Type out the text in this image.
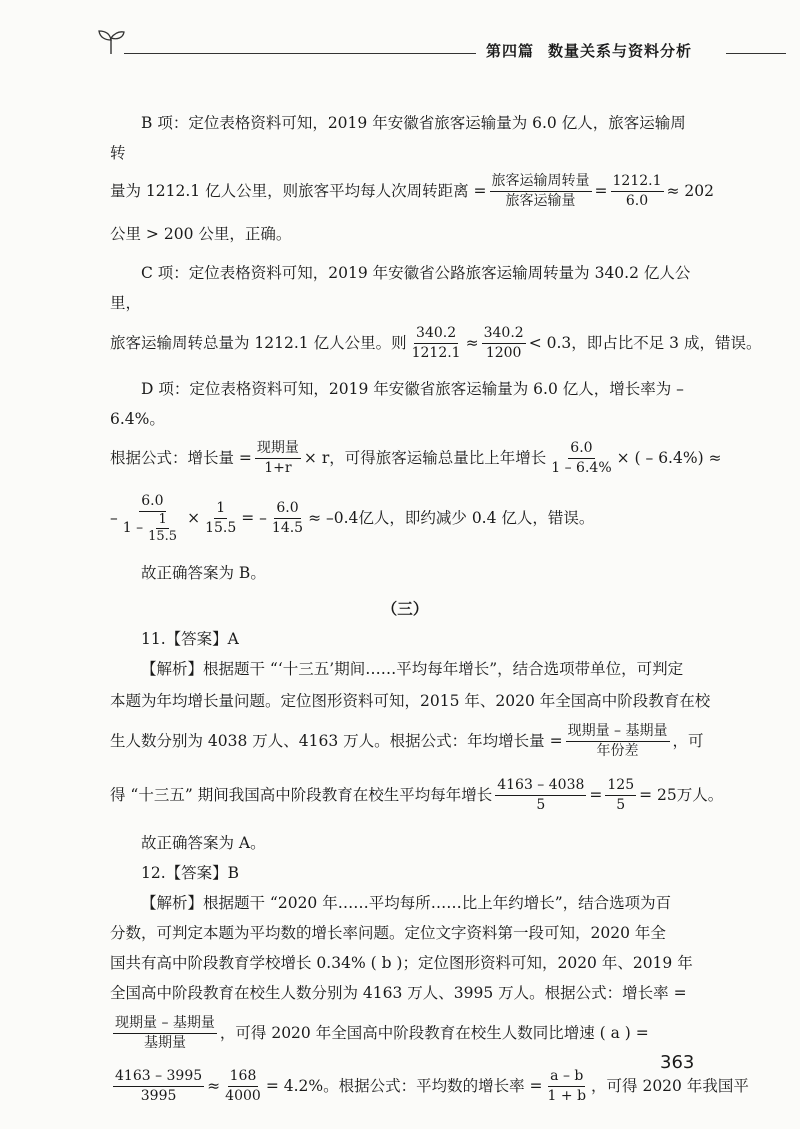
第四篇 数量关系与资料分析

B 项：定位表格资料可知，2019 年安徽省旅客运输量为 6.0 亿人，旅客运输周转

量为 1212.1 亿人公里，则旅客平均每人次周转距离 = $\frac{\text{旅客运输周转量}}{\text{旅客运输量}} = \frac{1212.1}{6.0} \approx 202$

公里 > 200 公里，正确。

C 项：定位表格资料可知，2019 年安徽省公路旅客运输周转量为 340.2 亿人公里，

旅客运输周转总量为 1212.1 亿人公里。则 $\frac{340.2}{1212.1} \approx \frac{340.2}{1200} < 0.3$，即占比不足 3 成，错误。

D 项：定位表格资料可知，2019 年安徽省旅客运输量为 6.0 亿人，增长率为 –6.4%。

根据公式：增长量 = $\frac{\text{现期量}}{1+r} \times r$，可得旅客运输总量比上年增长 $\frac{6.0}{1 - 6.4\%}$ × ( – 6.4%) ≈
– $\frac{6.0}{1 - \frac{1}{15.5}} \times \frac{1}{15.5}$ = – $\frac{6.0}{14.5} \approx -0.4$亿人，即约减少 0.4 亿人，错误。

故正确答案为 B。

（三）

11.【答案】A

【解析】根据题干 “‘十三五’期间……平均每年增长”，结合选项带单位，可判定

本题为年均增长量问题。定位图形资料可知，2015 年、2020 年全国高中阶段教育在校

生人数分别为 4038 万人、4163 万人。根据公式：年均增长量 = $\frac{\text{现期量 – 基期量}}{\text{年份差}}$ ，可
得 “十三五” 期间我国高中阶段教育在校生平均每年增长 $\frac{4163 - 4038}{5} = \frac{125}{5} = 25$万人。

故正确答案为 A。

12.【答案】B

【解析】根据题干 “2020 年……平均每所……比上年约增长”，结合选项为百

分数，可判定本题为平均数的增长率问题。定位文字资料第一段可知，2020 年全

国共有高中阶段教育学校增长 0.34% ( b )；定位图形资料可知，2020 年、2019 年

全国高中阶段教育在校生人数分别为 4163 万人、3995 万人。根据公式：增长率 =

$\frac{\text{现期量 – 基期量}}{\text{基期量}}$ ，可得 2020 年全国高中阶段教育在校生人数同比增速 ( a ) =
$\frac{4163 - 3995}{3995} \approx \frac{168}{4000} = 4.2\%$。根据公式：平均数的增长率 = $\frac{a - b}{1 + b}$ ，可得 2020 年我国平
363
